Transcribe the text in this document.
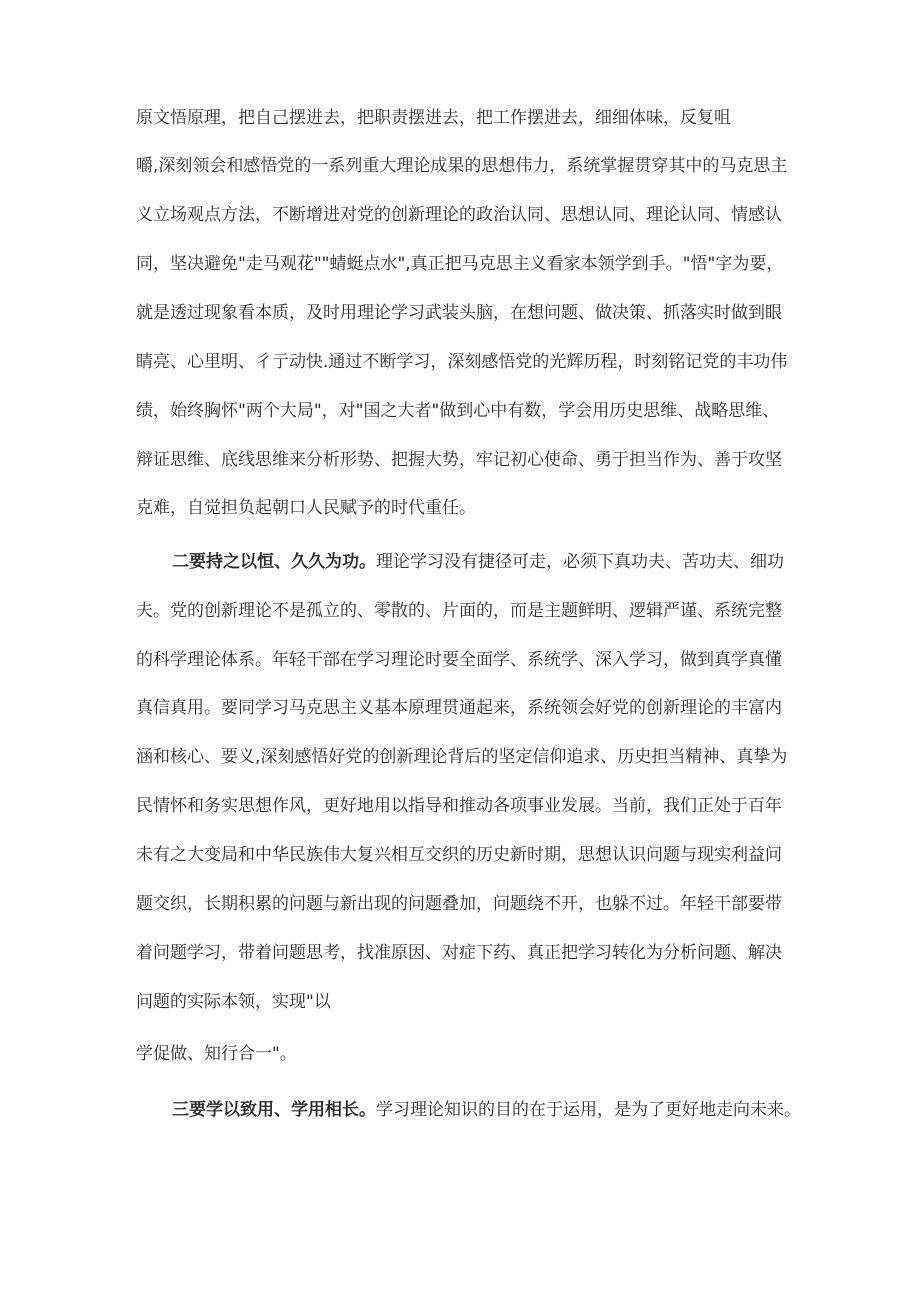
原文悟原理，把自己摆进去，把职责摆进去，把工作摆进去，细细体味，反复咀
嚼,深刻领会和感悟党的一系列重大理论成果的思想伟力，系统掌握贯穿其中的马克思主
义立场观点方法，不断增进对党的创新理论的政治认同、思想认同、理论认同、情感认
同，坚决避免"走马观花""蜻蜓点水",真正把马克思主义看家本领学到手。"悟"字为要，
就是透过现象看本质，及时用理论学习武装头脑，在想问题、做决策、抓落实时做到眼
睛亮、心里明、彳亍动快.通过不断学习，深刻感悟党的光辉历程，时刻铭记党的丰功伟
绩，始终胸怀"两个大局"，对"国之大者"做到心中有数，学会用历史思维、战略思维、
辩证思维、底线思维来分析形势、把握大势，牢记初心使命、勇于担当作为、善于攻坚
克难，自觉担负起朝口人民赋予的时代重任。
二要持之以恒、久久为功。理论学习没有捷径可走，必须下真功夫、苦功夫、细功
夫。党的创新理论不是孤立的、零散的、片面的，而是主题鲜明、逻辑严谨、系统完整
的科学理论体系。年轻干部在学习理论时要全面学、系统学、深入学习，做到真学真懂
真信真用。要同学习马克思主义基本原理贯通起来，系统领会好党的创新理论的丰富内
涵和核心、要义,深刻感悟好党的创新理论背后的坚定信仰追求、历史担当精神、真挚为
民情怀和务实思想作风，更好地用以指导和推动各项事业发展。当前，我们正处于百年
未有之大变局和中华民族伟大复兴相互交织的历史新时期，思想认识问题与现实利益问
题交织，长期积累的问题与新出现的问题叠加，问题绕不开，也躲不过。年轻干部要带
着问题学习，带着问题思考，找准原因、对症下药、真正把学习转化为分析问题、解决
问题的实际本领，实现"以
学促做、知行合一"。
三要学以致用、学用相长。学习理论知识的目的在于运用，是为了更好地走向未来。
